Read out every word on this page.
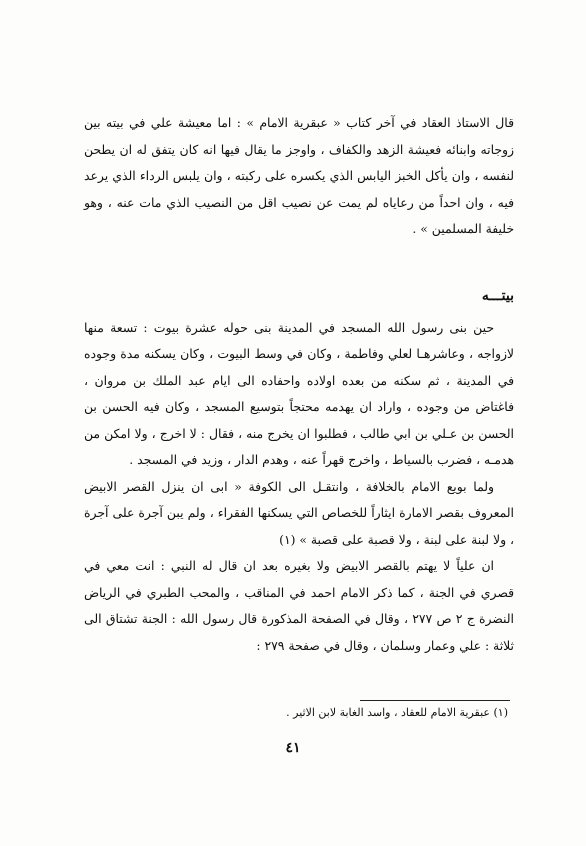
قال الاستاذ العقاد في آخر كتاب « عبقرية الامام » : اما معيشة علي في بيته بين زوجاته وابنائه فعيشة الزهد والكفاف ، واوجز ما يقال فيها انه كان يتفق له ان يطحن لنفسه ، وان يأكل الخبز اليابس الذي يكسره على ركبته ، وان يلبس الرداء الذي يرعد فيه ، وان احداً من رعاياه لم يمت عن نصيب اقل من النصيب الذي مات عنه ، وهو خليفة المسلمين » .

بيتـــه

حين بنى رسول الله المسجد في المدينة بنى حوله عشرة بيوت : تسعة منها لازواجه ، وعاشرهـا لعلي وفاطمة ، وكان في وسط البيوت ، وكان يسكنه مدة وجوده في المدينة ، ثم سكنه من بعده اولاده واحفاده الى ايام عبد الملك بن مروان ، فاغتاض من وجوده ، واراد ان يهدمه محتجاً بتوسيع المسجد ، وكان فيه الحسن بن الحسن بن عـلي بن ابي طالب ، فطلبوا ان يخرج منه ، فقال : لا اخرج ، ولا امكن من هدمـه ، فضرب بالسياط ، واخرج قهراً عنه ، وهدم الدار ، وزيد في المسجد .

ولما بويع الامام بالخلافة ، وانتقـل الى الكوفة « ابى ان ينزل القصر الابيض المعروف بقصر الامارة ايثاراً للخصاص التي يسكنها الفقراء ، ولم يبن آجرة على آجرة ، ولا لبنة على لبنة ، ولا قصبة على قصبة » (١)

ان علياً لا يهتم بالقصر الابيض ولا بغيره بعد ان قال له النبي : انت معي في قصري في الجنة ، كما ذكر الامام احمد في المناقب ، والمحب الطبري في الرياض النضرة ج ٢ ص ٢٧٧ ، وقال في الصفحة المذكورة قال رسول الله : الجنة تشتاق الى ثلاثة : علي وعمار وسلمان ، وقال في صفحة ٢٧٩ :

(١) عبقرية الامام للعقاد ، واسد الغابة لابن الاثير .
٤١
